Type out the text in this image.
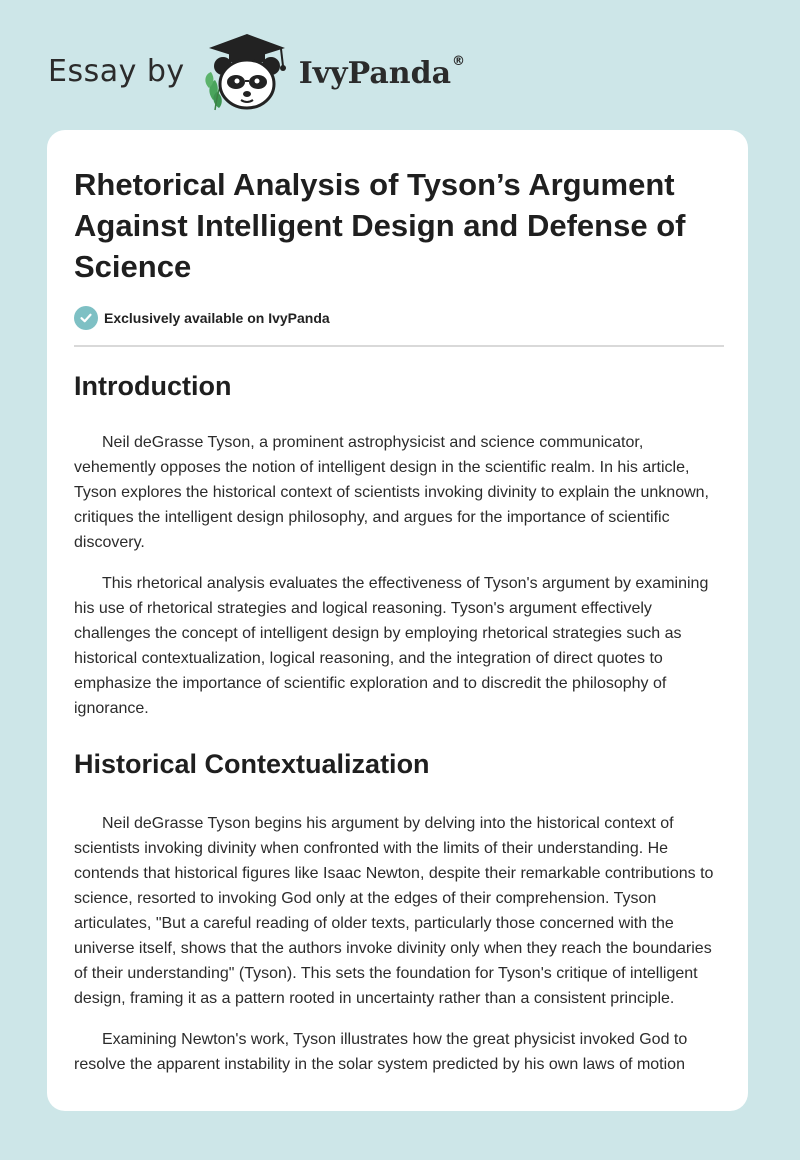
Essay by	IvyPanda®
Rhetorical Analysis of Tyson’s Argument Against Intelligent Design and Defense of Science
Exclusively available on IvyPanda
Introduction

Neil deGrasse Tyson, a prominent astrophysicist and science communicator, vehemently opposes the notion of intelligent design in the scientific realm. In his article, Tyson explores the historical context of scientists invoking divinity to explain the unknown, critiques the intelligent design philosophy, and argues for the importance of scientific discovery.

This rhetorical analysis evaluates the effectiveness of Tyson's argument by examining his use of rhetorical strategies and logical reasoning. Tyson's argument effectively challenges the concept of intelligent design by employing rhetorical strategies such as historical contextualization, logical reasoning, and the integration of direct quotes to emphasize the importance of scientific exploration and to discredit the philosophy of ignorance.

Historical Contextualization

Neil deGrasse Tyson begins his argument by delving into the historical context of scientists invoking divinity when confronted with the limits of their understanding. He contends that historical figures like Isaac Newton, despite their remarkable contributions to science, resorted to invoking God only at the edges of their comprehension. Tyson articulates, "But a careful reading of older texts, particularly those concerned with the universe itself, shows that the authors invoke divinity only when they reach the boundaries of their understanding" (Tyson). This sets the foundation for Tyson's critique of intelligent design, framing it as a pattern rooted in uncertainty rather than a consistent principle.

Examining Newton's work, Tyson illustrates how the great physicist invoked God to resolve the apparent instability in the solar system predicted by his own laws of motion
